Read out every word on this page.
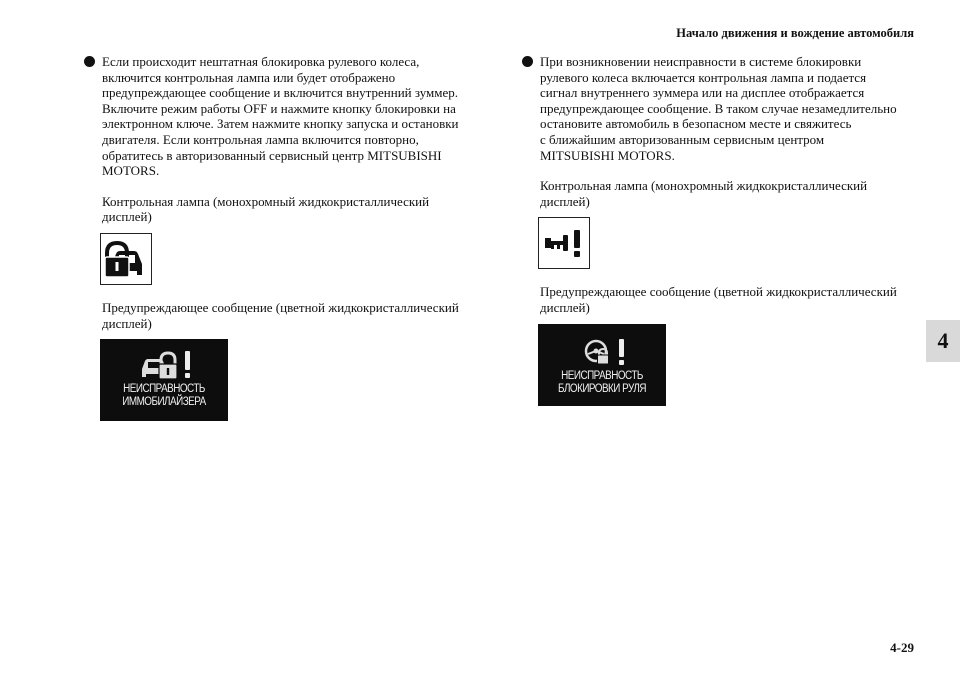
Начало движения и вождение автомобиля
4
4-29
Если происходит нештатная блокировка рулевого колеса,
включится контрольная лампа или будет отображено
предупреждающее сообщение и включится внутренний зуммер.
Включите режим работы OFF и нажмите кнопку блокировки на
электронном ключе. Затем нажмите кнопку запуска и остановки
двигателя. Если контрольная лампа включится повторно,
обратитесь в авторизованный сервисный центр MITSUBISHI
MOTORS.
Контрольная лампа (монохромный жидкокристаллический
дисплей)
Предупреждающее сообщение (цветной жидкокристаллический
дисплей)
НЕИСПРАВНОСТЬ
ИММОБИЛАЙЗЕРА
При возникновении неисправности в системе блокировки
рулевого колеса включается контрольная лампа и подается
сигнал внутреннего зуммера или на дисплее отображается
предупреждающее сообщение. В таком случае незамедлительно
остановите автомобиль в безопасном месте и свяжитесь
с ближайшим авторизованным сервисным центром
MITSUBISHI MOTORS.
Контрольная лампа (монохромный жидкокристаллический
дисплей)
Предупреждающее сообщение (цветной жидкокристаллический
дисплей)
НЕИСПРАВНОСТЬ
БЛОКИРОВКИ РУЛЯ
